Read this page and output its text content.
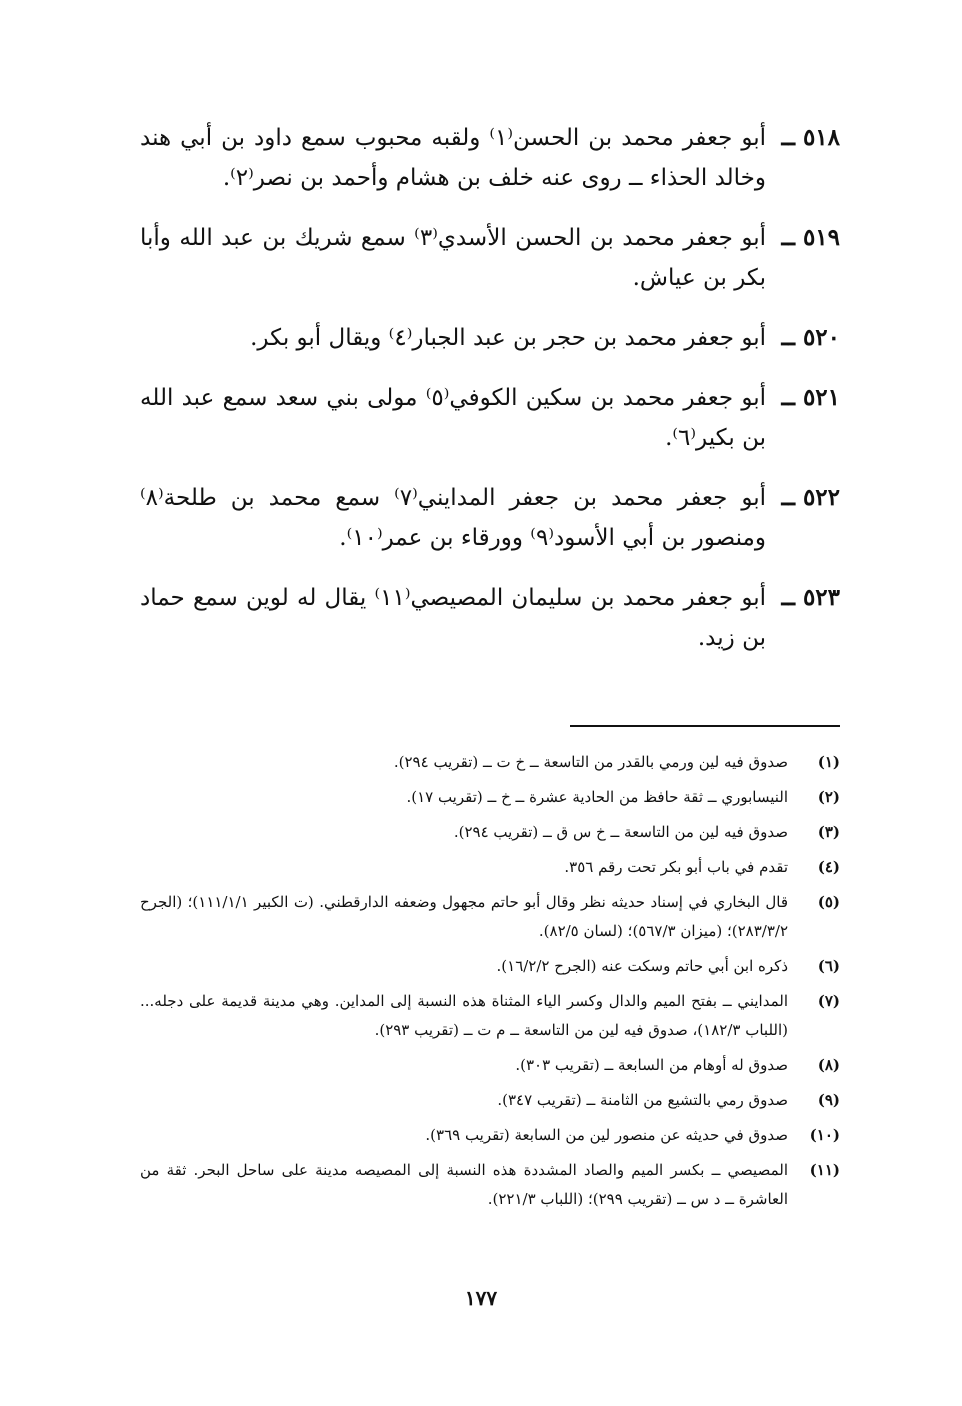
٥١٨ ــ
أبو جعفر محمد بن الحسن⁽١⁾ ولقبه محبوب سمع داود بن أبي هند وخالد الحذاء ــ روى عنه خلف بن هشام وأحمد بن نصر⁽٢⁾.
٥١٩ ــ
أبو جعفر محمد بن الحسن الأسدي⁽٣⁾ سمع شريك بن عبد الله وأبا بكر بن عياش.
٥٢٠ ــ
أبو جعفر محمد بن حجر بن عبد الجبار⁽٤⁾ ويقال أبو بكر.
٥٢١ ــ
أبو جعفر محمد بن سكين الكوفي⁽٥⁾ مولى بني سعد سمع عبد الله بن بكير⁽٦⁾.
٥٢٢ ــ
أبو جعفر محمد بن جعفر المدايني⁽٧⁾ سمع محمد بن طلحة⁽٨⁾ ومنصور بن أبي الأسود⁽٩⁾ وورقاء بن عمر⁽١٠⁾.
٥٢٣ ــ
أبو جعفر محمد بن سليمان المصيصي⁽١١⁾ يقال له لوين سمع حماد بن زيد.
(١)
صدوق فيه لين ورمي بالقدر من التاسعة ــ خ ت ــ (تقريب ٢٩٤).
(٢)
النيسابوري ــ ثقة حافظ من الحادية عشرة ــ خ ــ (تقريب ١٧).
(٣)
صدوق فيه لين من التاسعة ــ خ س ق ــ (تقريب ٢٩٤).
(٤)
تقدم في باب أبو بكر تحت رقم ٣٥٦.
(٥)
قال البخاري في إسناد حديثه نظر وقال أبو حاتم مجهول وضعفه الدارقطني. (ت الكبير ١١١/١/١)؛ (الجرح ٢٨٣/٣/٢)؛ (ميزان ٥٦٧/٣)؛ (لسان ٨٢/٥).
(٦)
ذكره ابن أبي حاتم وسكت عنه (الجرح ١٦/٢/٢).
(٧)
المدايني ــ بفتح الميم والدال وكسر الياء المثناة هذه النسبة إلى المداين. وهي مدينة قديمة على دجله... (اللباب ١٨٢/٣)، صدوق فيه لين من التاسعة ــ م ت ــ (تقريب ٢٩٣).
(٨)
صدوق له أوهام من السابعة ــ (تقريب ٣٠٣).
(٩)
صدوق رمي بالتشيع من الثامنة ــ (تقريب ٣٤٧).
(١٠)
صدوق في حديثه عن منصور لين من السابعة (تقريب ٣٦٩).
(١١)
المصيصي ــ بكسر الميم والصاد المشددة هذه النسبة إلى المصيصه مدينة على ساحل البحر. ثقة من العاشرة ــ د س ــ (تقريب ٢٩٩)؛ (اللباب ٢٢١/٣).
١٧٧
